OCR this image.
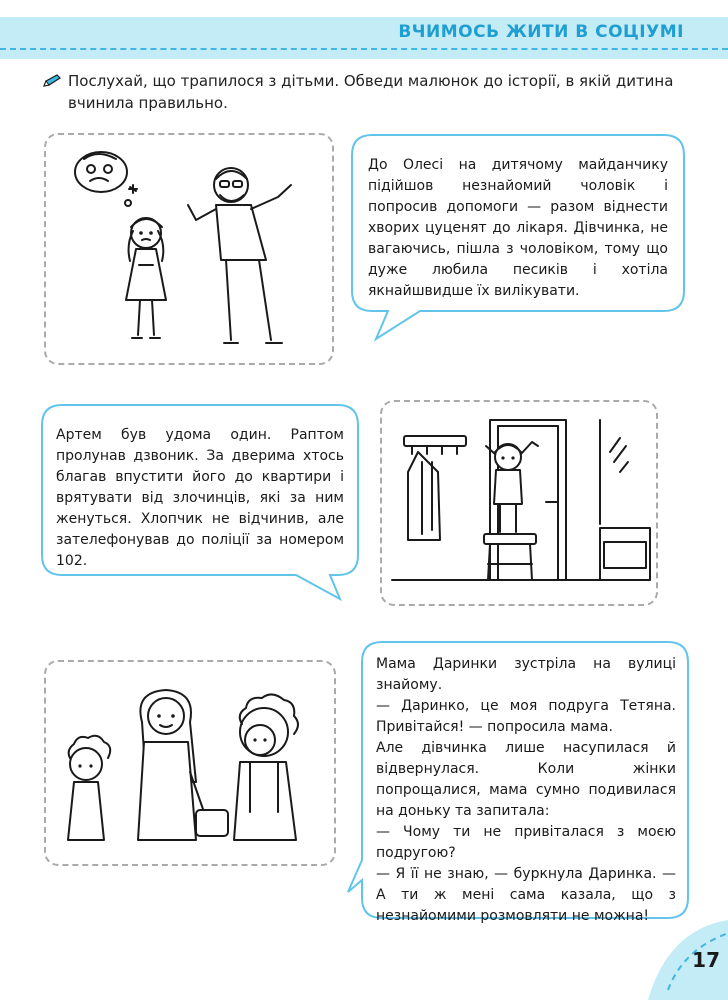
ВЧИМОСЬ ЖИТИ В СОЦІУМІ
Послухай, що трапилося з дітьми. Обведи малюнок до історії, в якій дитина вчинила правильно.
До Олесі на дитячому майданчику підійшов незнайомий чоловік і попросив допомоги — разом віднести хворих цуценят до лікаря. Дівчинка, не вагаючись, пішла з чоловіком, тому що дуже любила песиків і хотіла якнайшвидше їх вилікувати.
Артем був удома один. Раптом пролунав дзвоник. За дверима хтось благав впустити його до квартири і врятувати від злочинців, які за ним женуться. Хлопчик не відчинив, але зателефонував до поліції за номером 102.
Мама Даринки зустріла на вулиці знайому.
— Даринко, це моя подруга Тетяна. Привітайся! — попросила мама.
Але дівчинка лише насупилася й відвернулася. Коли жінки попрощалися, мама сумно подивилася на доньку та запитала:
— Чому ти не привіталася з моєю подругою?
— Я її не знаю, — буркнула Даринка. — А ти ж мені сама казала, що з незнайомими розмовляти не можна!
17
